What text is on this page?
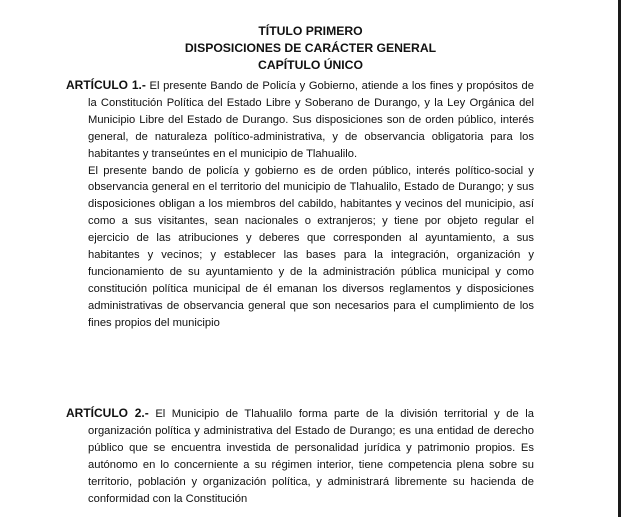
TÍTULO PRIMERO
DISPOSICIONES DE CARÁCTER GENERAL
CAPÍTULO ÚNICO

ARTÍCULO 1.- El presente Bando de Policía y Gobierno, atiende a los fines y propósitos de la Constitución Política del Estado Libre y Soberano de Durango, y la Ley Orgánica del Municipio Libre del Estado de Durango. Sus disposiciones son de orden público, interés general, de naturaleza político-administrativa, y de observancia obligatoria para los habitantes y transeúntes en el municipio de Tlahualilo.

El presente bando de policía y gobierno es de orden público, interés político-social y observancia general en el territorio del municipio de Tlahualilo, Estado de Durango; y sus disposiciones obligan a los miembros del cabildo, habitantes y vecinos del municipio, así como a sus visitantes, sean nacionales o extranjeros; y tiene por objeto regular el ejercicio de las atribuciones y deberes que corresponden al ayuntamiento, a sus habitantes y vecinos; y establecer las bases para la integración, organización y funcionamiento de su ayuntamiento y de la administración pública municipal y como constitución política municipal de él emanan los diversos reglamentos y disposiciones administrativas de observancia general que son necesarios para el cumplimiento de los fines propios del municipio

ARTÍCULO 2.- El Municipio de Tlahualilo forma parte de la división territorial y de la organización política y administrativa del Estado de Durango; es una entidad de derecho público que se encuentra investida de personalidad jurídica y patrimonio propios. Es autónomo en lo concerniente a su régimen interior, tiene competencia plena sobre su territorio, población y organización política, y administrará libremente su hacienda de conformidad con la Constitución
